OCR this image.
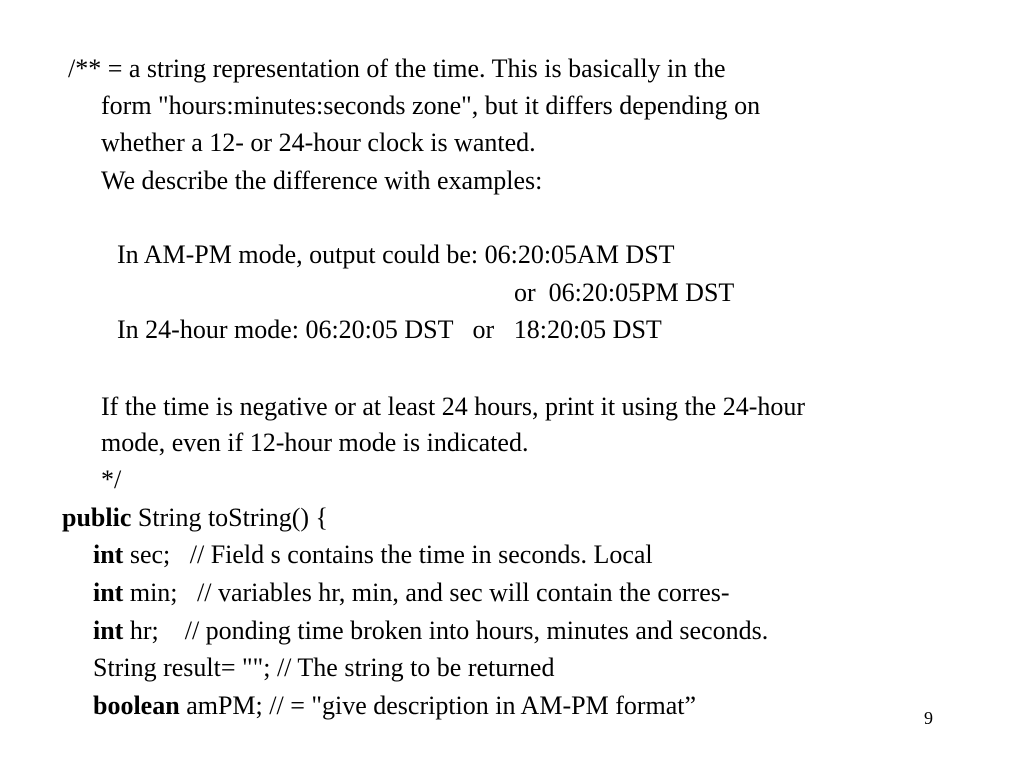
/** = a string representation of the time. This is basically in the

form "hours:minutes:seconds zone", but it differs depending on

whether a 12- or 24-hour clock is wanted.

We describe the difference with examples:

In AM-PM mode, output could be: 06:20:05AM DST

or  06:20:05PM DST

In 24-hour mode: 06:20:05 DST   or   18:20:05 DST

If the time is negative or at least 24 hours, print it using the 24-hour

mode, even if 12-hour mode is indicated.

*/

public String toString() {

int sec;   // Field s contains the time in seconds. Local

int min;   // variables hr, min, and sec will contain the corres-

int hr;    // ponding time broken into hours, minutes and seconds.

String result= ""; // The string to be returned

boolean amPM; // = "give description in AM-PM format”	9
